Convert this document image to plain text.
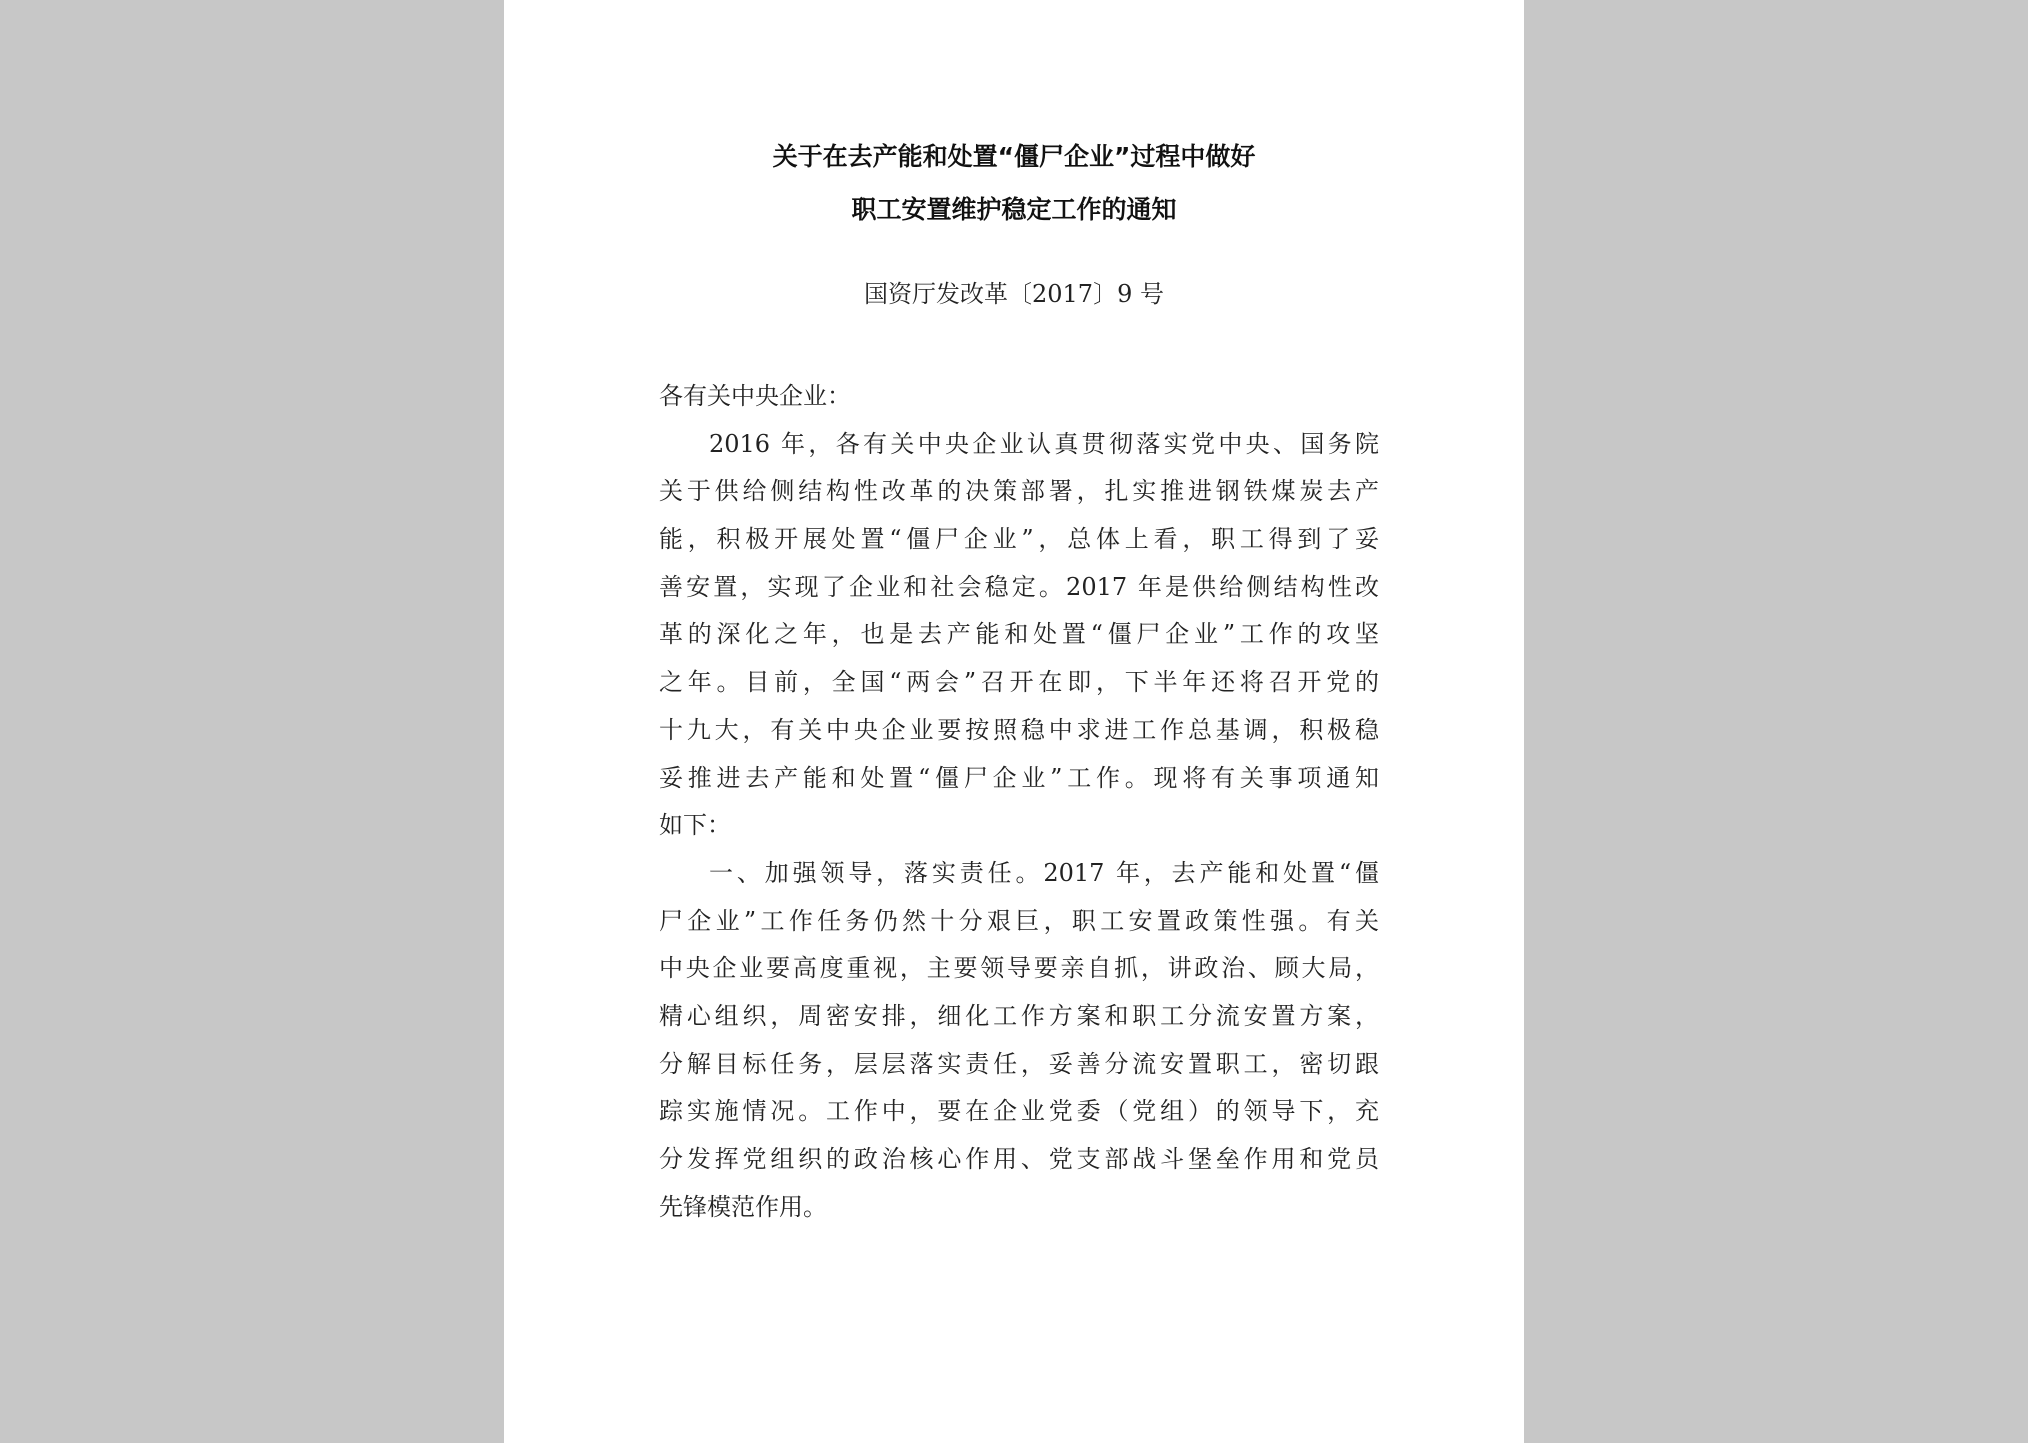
关于在去产能和处置“僵尸企业”过程中做好
职工安置维护稳定工作的通知
国资厅发改革〔2017〕9 号
各有关中央企业：
2016 年，各有关中央企业认真贯彻落实党中央、国务院
关于供给侧结构性改革的决策部署，扎实推进钢铁煤炭去产
能，积极开展处置“僵尸企业”，总体上看，职工得到了妥
善安置，实现了企业和社会稳定。2017 年是供给侧结构性改
革的深化之年，也是去产能和处置“僵尸企业”工作的攻坚
之年。目前，全国“两会”召开在即，下半年还将召开党的
十九大，有关中央企业要按照稳中求进工作总基调，积极稳
妥推进去产能和处置“僵尸企业”工作。现将有关事项通知
如下：
一、加强领导，落实责任。2017 年，去产能和处置“僵
尸企业”工作任务仍然十分艰巨，职工安置政策性强。有关
中央企业要高度重视，主要领导要亲自抓，讲政治、顾大局，
精心组织，周密安排，细化工作方案和职工分流安置方案，
分解目标任务，层层落实责任，妥善分流安置职工，密切跟
踪实施情况。工作中，要在企业党委（党组）的领导下，充
分发挥党组织的政治核心作用、党支部战斗堡垒作用和党员
先锋模范作用。
